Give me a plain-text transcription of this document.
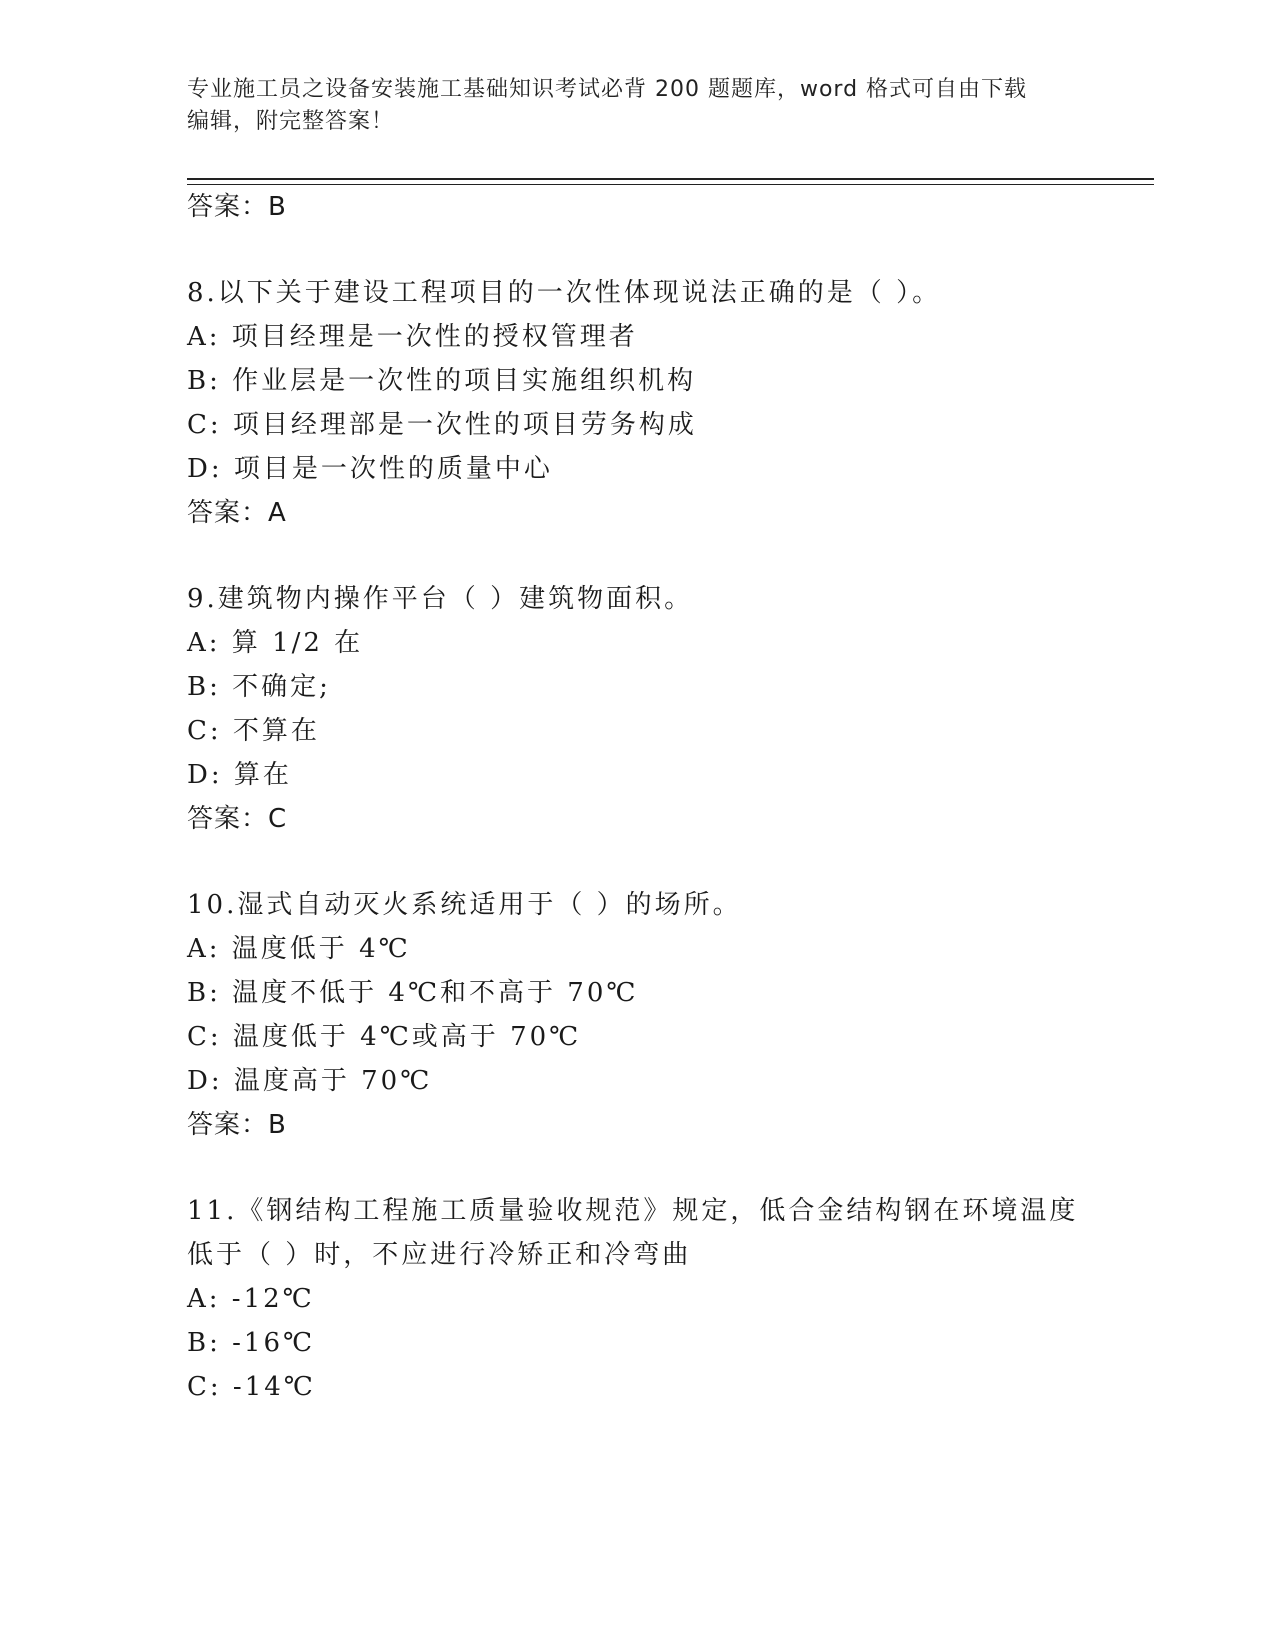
专业施工员之设备安装施工基础知识考试必背 200 题题库，word 格式可自由下载
编辑，附完整答案！
答案：B
8.以下关于建设工程项目的一次性体现说法正确的是（ ）。
A: 项目经理是一次性的授权管理者
B: 作业层是一次性的项目实施组织机构
C: 项目经理部是一次性的项目劳务构成
D: 项目是一次性的质量中心
答案：A
9.建筑物内操作平台（ ）建筑物面积。
A: 算 1/2 在
B: 不确定;
C: 不算在
D: 算在
答案：C
10.湿式自动灭火系统适用于（ ）的场所。
A: 温度低于 4℃
B: 温度不低于 4℃和不高于 70℃
C: 温度低于 4℃或高于 70℃
D: 温度高于 70℃
答案：B
11.《钢结构工程施工质量验收规范》规定，低合金结构钢在环境温度
低于（ ）时，不应进行冷矫正和冷弯曲
A: -12℃
B: -16℃
C: -14℃
